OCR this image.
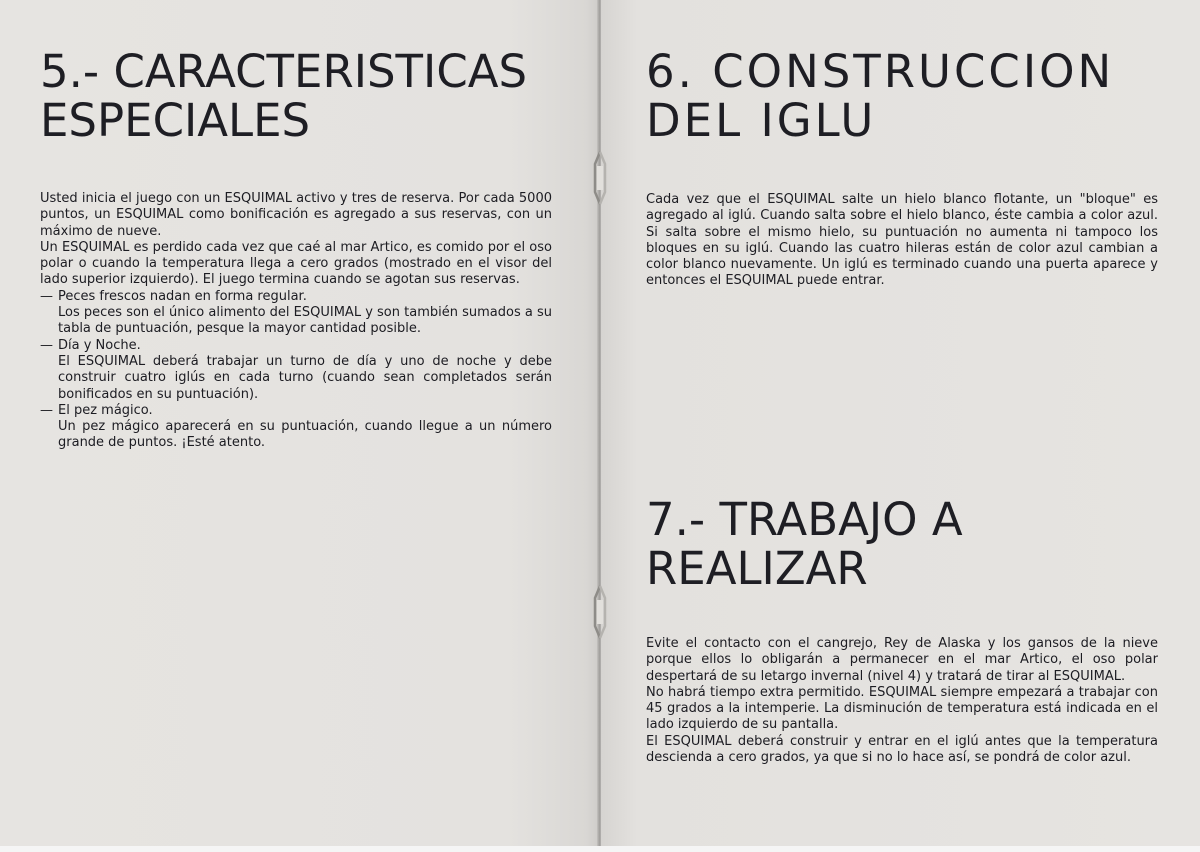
5.- CARACTERISTICAS ESPECIALES

Usted inicia el juego con un ESQUIMAL activo y tres de reserva. Por cada 5000 puntos, un ESQUIMAL como bonificación es agregado a sus reservas, con un máximo de nueve.

Un ESQUIMAL es perdido cada vez que caé al mar Artico, es comido por el oso polar o cuando la temperatura llega a cero grados (mostrado en el visor del lado superior izquierdo). El juego termina cuando se agotan sus reservas.

— Peces frescos nadan en forma regular.

Los peces son el único alimento del ESQUIMAL y son también sumados a su tabla de puntuación, pesque la mayor cantidad posible.

— Día y Noche.

El ESQUIMAL deberá trabajar un turno de día y uno de noche y debe construir cuatro iglús en cada turno (cuando sean completados serán bonificados en su puntuación).

— El pez mágico.

Un pez mágico aparecerá en su puntuación, cuando llegue a un número grande de puntos. ¡Esté atento.

6. CONSTRUCCION DEL IGLU

Cada vez que el ESQUIMAL salte un hielo blanco flotante, un "bloque" es agregado al iglú. Cuando salta sobre el hielo blanco, éste cambia a color azul. Si salta sobre el mismo hielo, su puntuación no aumenta ni tampoco los bloques en su iglú. Cuando las cuatro hileras están de color azul cambian a color blanco nuevamente. Un iglú es terminado cuando una puerta aparece y entonces el ESQUIMAL puede entrar.

7.- TRABAJO A REALIZAR

Evite el contacto con el cangrejo, Rey de Alaska y los gansos de la nieve porque ellos lo obligarán a permanecer en el mar Artico, el oso polar despertará de su letargo invernal (nivel 4) y tratará de tirar al ESQUIMAL.

No habrá tiempo extra permitido. ESQUIMAL siempre empezará a trabajar con 45 grados a la intemperie. La disminución de temperatura está indicada en el lado izquierdo de su pantalla.

El ESQUIMAL deberá construir y entrar en el iglú antes que la temperatura descienda a cero grados, ya que si no lo hace así, se pondrá de color azul.
